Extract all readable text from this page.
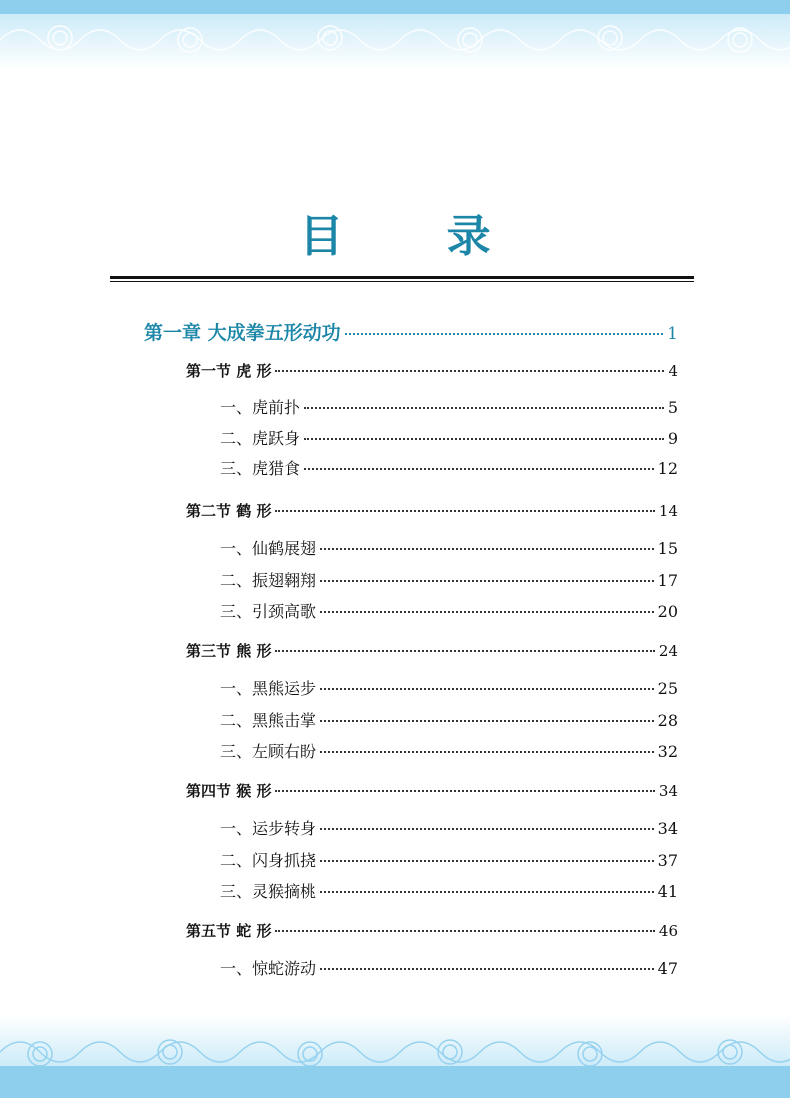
目 录
第一章 大成拳五形动功	1
第一节 虎 形	4
一、虎前扑	5
二、虎跃身	9
三、虎猎食	12
第二节 鹤 形	14
一、仙鹤展翅	15
二、振翅翱翔	17
三、引颈高歌	20
第三节 熊 形	24
一、黑熊运步	25
二、黑熊击掌	28
三、左顾右盼	32
第四节 猴 形	34
一、运步转身	34
二、闪身抓挠	37
三、灵猴摘桃	41
第五节 蛇 形	46
一、惊蛇游动	47
